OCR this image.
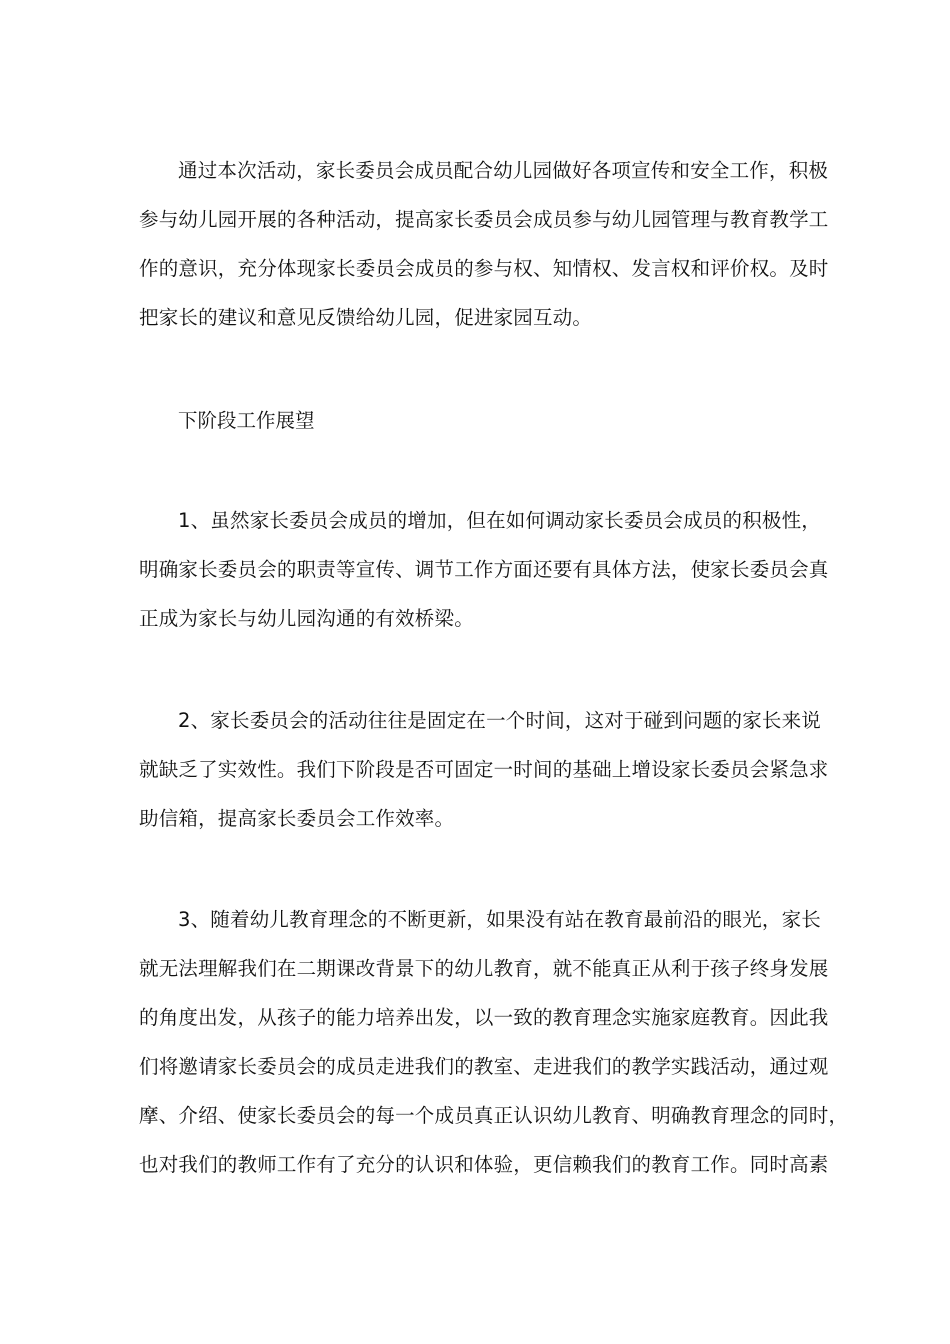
通过本次活动，家长委员会成员配合幼儿园做好各项宣传和安全工作，积极
参与幼儿园开展的各种活动，提高家长委员会成员参与幼儿园管理与教育教学工
作的意识，充分体现家长委员会成员的参与权、知情权、发言权和评价权。及时
把家长的建议和意见反馈给幼儿园，促进家园互动。

下阶段工作展望

1、虽然家长委员会成员的增加，但在如何调动家长委员会成员的积极性，
明确家长委员会的职责等宣传、调节工作方面还要有具体方法，使家长委员会真
正成为家长与幼儿园沟通的有效桥梁。

2、家长委员会的活动往往是固定在一个时间，这对于碰到问题的家长来说
就缺乏了实效性。我们下阶段是否可固定一时间的基础上增设家长委员会紧急求
助信箱，提高家长委员会工作效率。

3、随着幼儿教育理念的不断更新，如果没有站在教育最前沿的眼光，家长
就无法理解我们在二期课改背景下的幼儿教育，就不能真正从利于孩子终身发展
的角度出发，从孩子的能力培养出发，以一致的教育理念实施家庭教育。因此我
们将邀请家长委员会的成员走进我们的教室、走进我们的教学实践活动，通过观
摩、介绍、使家长委员会的每一个成员真正认识幼儿教育、明确教育理念的同时，
也对我们的教师工作有了充分的认识和体验，更信赖我们的教育工作。同时高素
